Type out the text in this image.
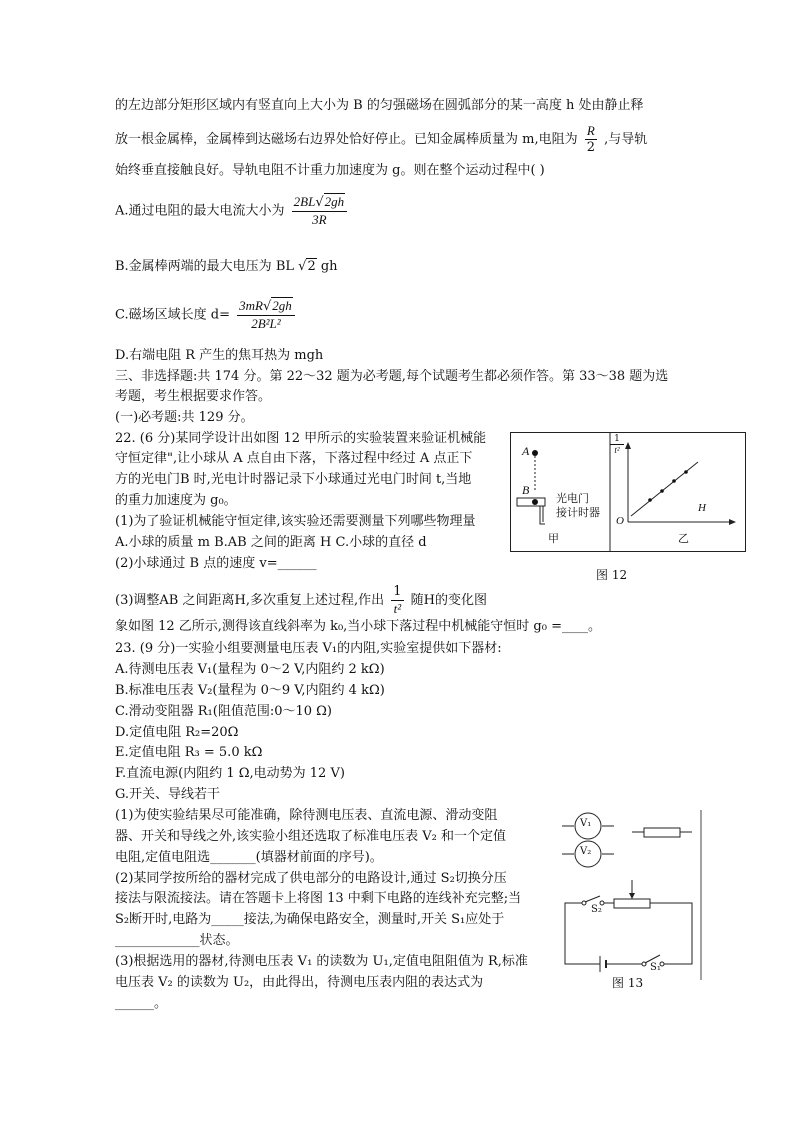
的左边部分矩形区域内有竖直向上大小为 B 的匀强磁场在圆弧部分的某一高度 h 处由静止释
放一根金属棒，金属棒到达磁场右边界处恰好停止。已知金属棒质量为 m,电阻为 $\frac{R}{2}$ ,与导轨
始终垂直接触良好。导轨电阻不计重力加速度为 g。则在整个运动过程中( )
A.通过电阻的最大电流大小为 $\frac{2BL√2gh}{3R}$
B.金属棒两端的最大电压为 BL √2 gh
C.磁场区域长度 $d= \frac{3mR√2gh}{\text{2B²L²}}$
D.右端电阻 R 产生的焦耳热为 mgh
三、非选择题:共 174 分。第 22～32 题为必考题,每个试题考生都必须作答。第 33～38 题为选
考题，考生根据要求作答。
(一)必考题:共 129 分。
22. (6 分)某同学设计出如图 12 甲所示的实验装置来验证机械能
守恒定律",让小球从 A 点自由下落，下落过程中经过 A 点正下
方的光电门B 时,光电计时器记录下小球通过光电门时间 t,当地
的重力加速度为 g₀。
(1)为了验证机械能守恒定律,该实验还需要测量下列哪些物理量
A.小球的质量 m B.AB 之间的距离 H C.小球的直径 d
(2)小球通过 B 点的速度 v=______
(3)调整AB 之间距离H,多次重复上述过程,作出 $\frac{1}{\text{t²}}$ 随H的变化图
象如图 12 乙所示,测得该直线斜率为 k₀,当小球下落过程中机械能守恒时 g₀ =____。
A
B
光电门
接计时器
甲	乙
O
H
$\frac{1}{\text{t²}}$
图 12
23. (9 分)一实验小组要测量电压表 V₁的内阻,实验室提供如下器材:
A.待测电压表 V₁(量程为 0～2 V,内阻约 2 kΩ)
B.标准电压表 V₂(量程为 0～9 V,内阻约 4 kΩ)
C.滑动变阻器 R₁(阻值范围:0～10 Ω)
D.定值电阻 R₂=20Ω
E.定值电阻 R₃ = 5.0 kΩ
F.直流电源(内阻约 1 Ω,电动势为 12 V)
G.开关、导线若干
(1)为使实验结果尽可能准确，除待测电压表、直流电源、滑动变阻
器、开关和导线之外,该实验小组还选取了标准电压表 V₂ 和一个定值
电阻,定值电阻选_______(填器材前面的序号)。
(2)某同学按所给的器材完成了供电部分的电路设计,通过 S₂切换分压
接法与限流接法。请在答题卡上将图 13 中剩下电路的连线补充完整;当
S₂断开时,电路为_____接法,为确保电路安全，测量时,开关 S₁应处于
_____________状态。
(3)根据选用的器材,待测电压表 V₁ 的读数为 U₁,定值电阻阻值为 R,标准
电压表 V₂ 的读数为 U₂，由此得出，待测电压表内阻的表达式为
______。
V₁
V₂
S₂
S₁
图 13
